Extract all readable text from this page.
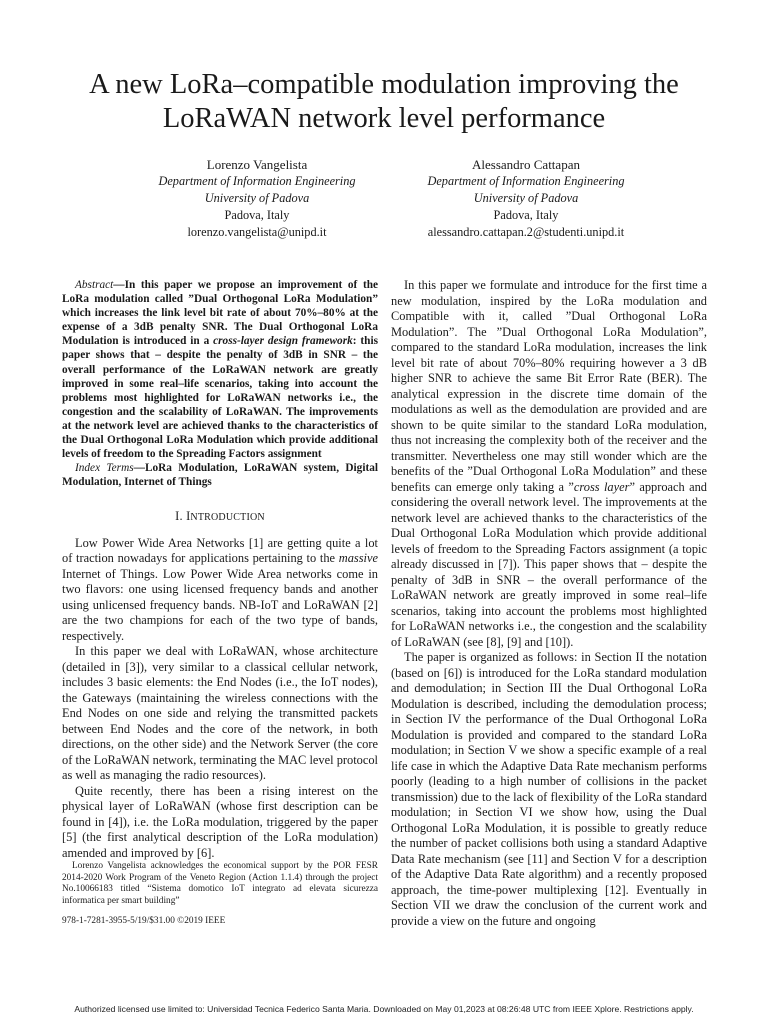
A new LoRa–compatible modulation improving the
LoRaWAN network level performance
Lorenzo Vangelista
Department of Information Engineering
University of Padova
Padova, Italy
lorenzo.vangelista@unipd.it
Alessandro Cattapan
Department of Information Engineering
University of Padova
Padova, Italy
alessandro.cattapan.2@studenti.unipd.it

Abstract—In this paper we propose an improvement of the LoRa modulation called ”Dual Orthogonal LoRa Modulation” which increases the link level bit rate of about 70%–80% at the expense of a 3dB penalty SNR. The Dual Orthogonal LoRa Modulation is introduced in a cross-layer design framework: this paper shows that – despite the penalty of 3dB in SNR – the overall performance of the LoRaWAN network are greatly improved in some real–life scenarios, taking into account the problems most highlighted for LoRaWAN networks i.e., the congestion and the scalability of LoRaWAN. The improvements at the network level are achieved thanks to the characteristics of the Dual Orthogonal LoRa Modulation which provide additional levels of freedom to the Spreading Factors assignment

Index Terms—LoRa Modulation, LoRaWAN system, Digital Modulation, Internet of Things

I. INTRODUCTION

Low Power Wide Area Networks [1] are getting quite a lot of traction nowadays for applications pertaining to the massive Internet of Things. Low Power Wide Area networks come in two flavors: one using licensed frequency bands and another using unlicensed frequency bands. NB-IoT and LoRaWAN [2] are the two champions for each of the two type of bands, respectively.

In this paper we deal with LoRaWAN, whose architecture (detailed in [3]), very similar to a classical cellular network, includes 3 basic elements: the End Nodes (i.e., the IoT nodes), the Gateways (maintaining the wireless connections with the End Nodes on one side and relying the transmitted packets between End Nodes and the core of the network, in both directions, on the other side) and the Network Server (the core of the LoRaWAN network, terminating the MAC level protocol as well as managing the radio resources).

Quite recently, there has been a rising interest on the physical layer of LoRaWAN (whose first description can be found in [4]), i.e. the LoRa modulation, triggered by the paper [5] (the first analytical description of the LoRa modulation) amended and improved by [6].

Lorenzo Vangelista acknowledges the economical support by the POR FESR 2014-2020 Work Program of the Veneto Region (Action 1.1.4) through the project No.10066183 titled “Sistema domotico IoT integrato ad elevata sicurezza informatica per smart building”
978-1-7281-3955-5/19/$31.00 ©2019 IEEE

In this paper we formulate and introduce for the first time a new modulation, inspired by the LoRa modulation and Compatible with it, called ”Dual Orthogonal LoRa Modulation”. The ”Dual Orthogonal LoRa Modulation”, compared to the standard LoRa modulation, increases the link level bit rate of about 70%–80% requiring however a 3 dB higher SNR to achieve the same Bit Error Rate (BER). The analytical expression in the discrete time domain of the modulations as well as the demodulation are provided and are shown to be quite similar to the standard LoRa modulation, thus not increasing the complexity both of the receiver and the transmitter. Nevertheless one may still wonder which are the benefits of the ”Dual Orthogonal LoRa Modulation” and these benefits can emerge only taking a ”cross layer” approach and considering the overall network level. The improvements at the network level are achieved thanks to the characteristics of the Dual Orthogonal LoRa Modulation which provide additional levels of freedom to the Spreading Factors assignment (a topic already discussed in [7]). This paper shows that – despite the penalty of 3dB in SNR – the overall performance of the LoRaWAN network are greatly improved in some real–life scenarios, taking into account the problems most highlighted for LoRaWAN networks i.e., the congestion and the scalability of LoRaWAN (see [8], [9] and [10]).

The paper is organized as follows: in Section II the notation (based on [6]) is introduced for the LoRa standard modulation and demodulation; in Section III the Dual Orthogonal LoRa Modulation is described, including the demodulation process; in Section IV the performance of the Dual Orthogonal LoRa Modulation is provided and compared to the standard LoRa modulation; in Section V we show a specific example of a real life case in which the Adaptive Data Rate mechanism performs poorly (leading to a high number of collisions in the packet transmission) due to the lack of flexibility of the LoRa standard modulation; in Section VI we show how, using the Dual Orthogonal LoRa Modulation, it is possible to greatly reduce the number of packet collisions both using a standard Adaptive Data Rate mechanism (see [11] and Section V for a description of the Adaptive Data Rate algorithm) and a recently proposed approach, the time-power multiplexing [12]. Eventually in Section VII we draw the conclusion of the current work and provide a view on the future and ongoing

Authorized licensed use limited to: Universidad Tecnica Federico Santa Maria. Downloaded on May 01,2023 at 08:26:48 UTC from IEEE Xplore. Restrictions apply.
